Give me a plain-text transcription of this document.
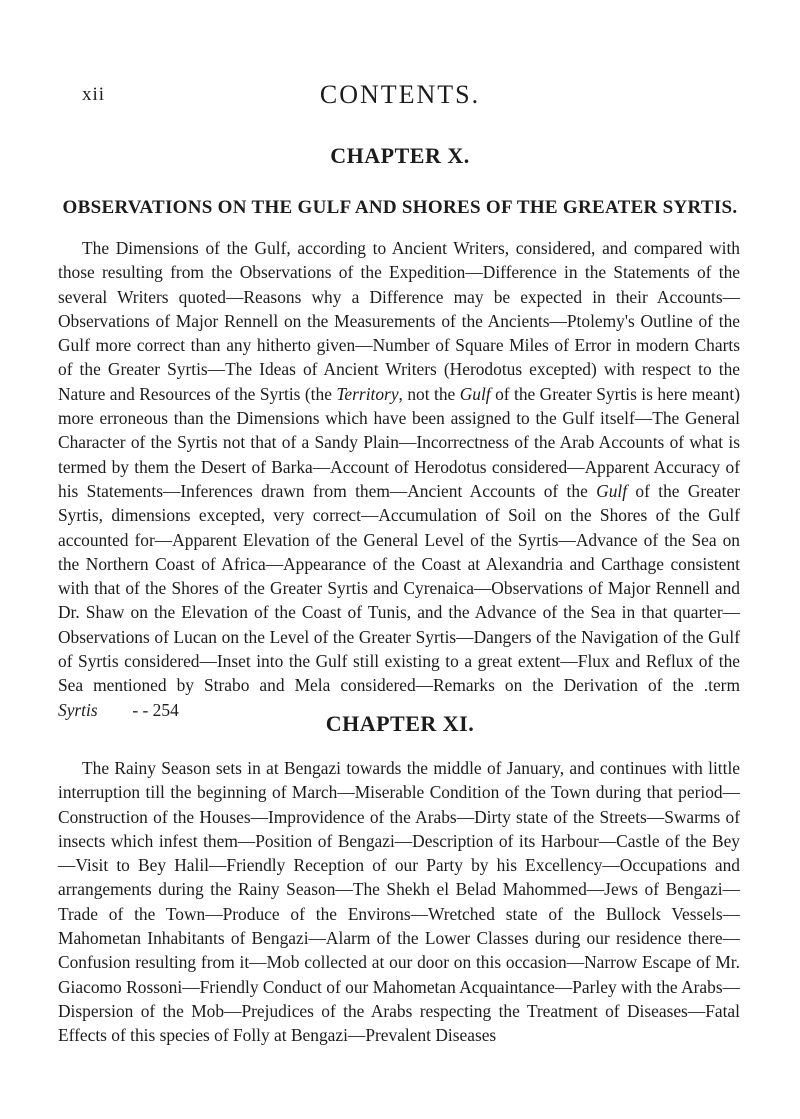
xii	CONTENTS.
CHAPTER X.
OBSERVATIONS ON THE GULF AND SHORES OF THE GREATER SYRTIS.

The Dimensions of the Gulf, according to Ancient Writers, considered, and compared with those resulting from the Observations of the Expedition—Difference in the Statements of the several Writers quoted—Reasons why a Difference may be expected in their Accounts—Observations of Major Rennell on the Measurements of the Ancients—Ptolemy's Outline of the Gulf more correct than any hitherto given—Number of Square Miles of Error in modern Charts of the Greater Syrtis—The Ideas of Ancient Writers (Herodotus excepted) with respect to the Nature and Resources of the Syrtis (the Territory, not the Gulf of the Greater Syrtis is here meant) more erroneous than the Dimensions which have been assigned to the Gulf itself—The General Character of the Syrtis not that of a Sandy Plain—Incorrectness of the Arab Accounts of what is termed by them the Desert of Barka—Account of Herodotus considered—Apparent Accuracy of his Statements—Inferences drawn from them—Ancient Accounts of the Gulf of the Greater Syrtis, dimensions excepted, very correct—Accumulation of Soil on the Shores of the Gulf accounted for—Apparent Elevation of the General Level of the Syrtis—Advance of the Sea on the Northern Coast of Africa—Appearance of the Coast at Alexandria and Carthage consistent with that of the Shores of the Greater Syrtis and Cyrenaica—Observations of Major Rennell and Dr. Shaw on the Elevation of the Coast of Tunis, and the Advance of the Sea in that quarter—Observations of Lucan on the Level of the Greater Syrtis—Dangers of the Navigation of the Gulf of Syrtis considered—Inset into the Gulf still existing to a great extent—Flux and Reflux of the Sea mentioned by Strabo and Mela considered—Remarks on the Derivation of the .term Syrtis - - 254

CHAPTER XI.

The Rainy Season sets in at Bengazi towards the middle of January, and continues with little interruption till the beginning of March—Miserable Condition of the Town during that period—Construction of the Houses—Improvidence of the Arabs—Dirty state of the Streets—Swarms of insects which infest them—Position of Bengazi—Description of its Harbour—Castle of the Bey—Visit to Bey Halil—Friendly Reception of our Party by his Excellency—Occupations and arrangements during the Rainy Season—The Shekh el Belad Mahommed—Jews of Bengazi—Trade of the Town—Produce of the Environs—Wretched state of the Bullock Vessels—Mahometan Inhabitants of Bengazi—Alarm of the Lower Classes during our residence there—Confusion resulting from it—Mob collected at our door on this occasion—Narrow Escape of Mr. Giacomo Rossoni—Friendly Conduct of our Mahometan Acquaintance—Parley with the Arabs—Dispersion of the Mob—Prejudices of the Arabs respecting the Treatment of Diseases—Fatal Effects of this species of Folly at Bengazi—Prevalent Diseases
